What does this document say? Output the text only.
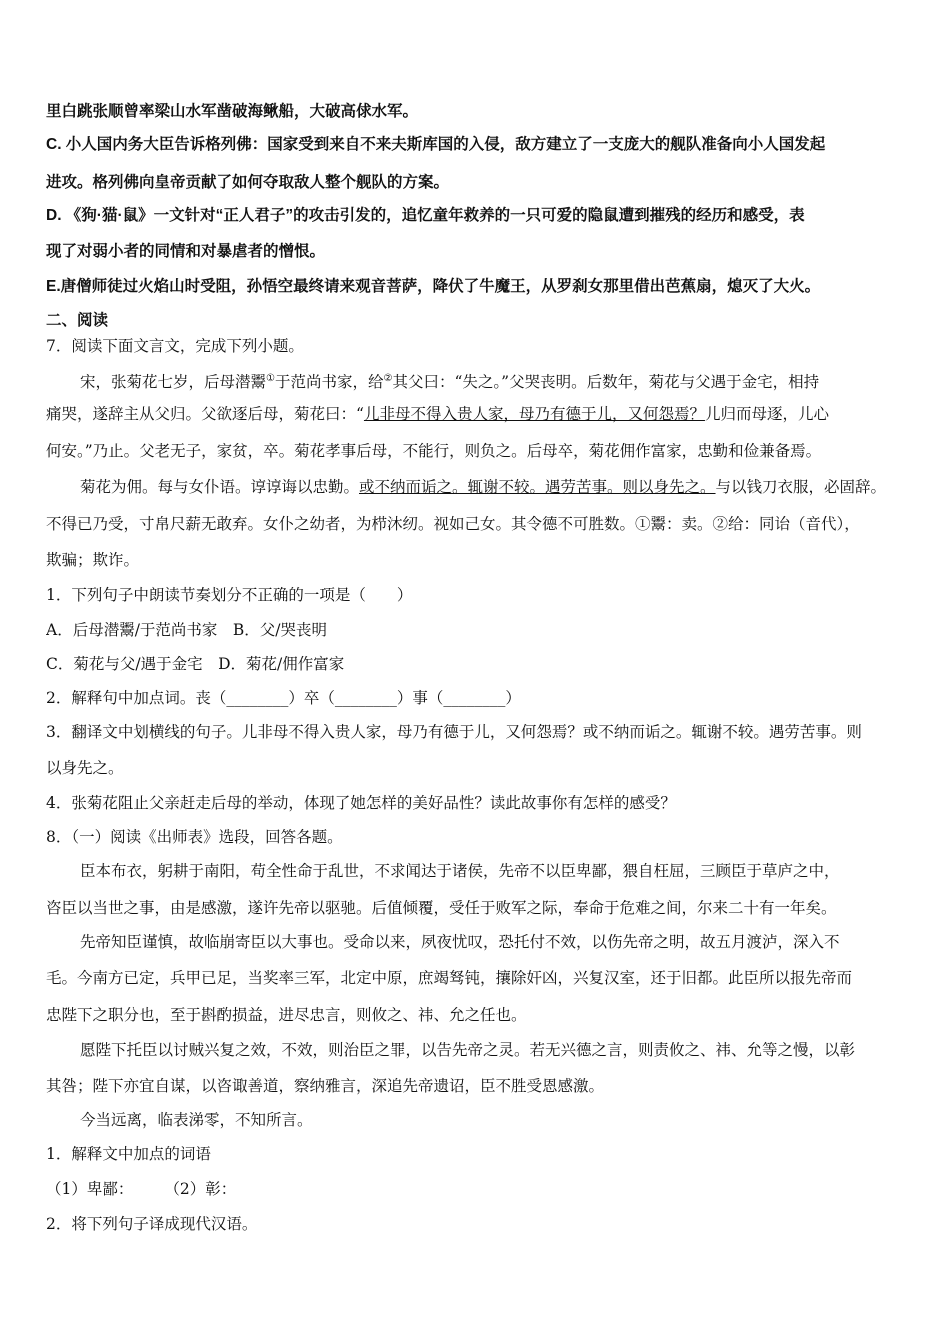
里白跳张顺曾率梁山水军凿破海鳅船，大破高俅水军。
C. 小人国内务大臣告诉格列佛：国家受到来自不来夫斯库国的入侵，敌方建立了一支庞大的舰队准备向小人国发起
进攻。格列佛向皇帝贡献了如何夺取敌人整个舰队的方案。
D. 《狗·猫·鼠》一文针对“正人君子”的攻击引发的，追忆童年救养的一只可爱的隐鼠遭到摧残的经历和感受，表
现了对弱小者的同情和对暴虐者的憎恨。
E.唐僧师徒过火焰山时受阻，孙悟空最终请来观音菩萨，降伏了牛魔王，从罗刹女那里借出芭蕉扇，熄灭了大火。
二、阅读
7．阅读下面文言文，完成下列小题。
宋，张菊花七岁，后母潜鬻①于范尚书家，给②其父曰：“失之。”父哭丧明。后数年，菊花与父遇于金宅，相持
痛哭，遂辞主从父归。父欲逐后母，菊花曰：“儿非母不得入贵人家，母乃有德于儿，又何怨焉？儿归而母逐，儿心
何安。”乃止。父老无子，家贫，卒。菊花孝事后母，不能行，则负之。后母卒，菊花佣作富家，忠勤和俭兼备焉。
菊花为佣。每与女仆语。谆谆诲以忠勤。或不纳而诟之。辄谢不较。遇劳苦事。则以身先之。与以钱刀衣服，必固辞。
不得已乃受，寸帛尺薪无敢弃。女仆之幼者，为栉沐纫。视如己女。其令德不可胜数。①鬻：卖。②给：同诒（音代），
欺骗；欺诈。
1．下列句子中朗读节奏划分不正确的一项是（　　）
A．后母潜鬻/于范尚书家　B．父/哭丧明
C．菊花与父/遇于金宅　D．菊花/佣作富家
2．解释句中加点词。丧（________）卒（________）事（________）
3．翻译文中划横线的句子。儿非母不得入贵人家，母乃有德于儿，又何怨焉？或不纳而诟之。辄谢不较。遇劳苦事。则
以身先之。
4．张菊花阻止父亲赶走后母的举动，体现了她怎样的美好品性？读此故事你有怎样的感受？
8．（一）阅读《出师表》选段，回答各题。
臣本布衣，躬耕于南阳，苟全性命于乱世，不求闻达于诸侯，先帝不以臣卑鄙，猥自枉屈，三顾臣于草庐之中，
咨臣以当世之事，由是感激，遂许先帝以驱驰。后值倾覆，受任于败军之际，奉命于危难之间，尔来二十有一年矣。
先帝知臣谨慎，故临崩寄臣以大事也。受命以来，夙夜忧叹，恐托付不效，以伤先帝之明，故五月渡泸，深入不
毛。今南方已定，兵甲已足，当奖率三军，北定中原，庶竭驽钝，攘除奸凶，兴复汉室，还于旧都。此臣所以报先帝而
忠陛下之职分也，至于斟酌损益，进尽忠言，则攸之、祎、允之任也。
愿陛下托臣以讨贼兴复之效，不效，则治臣之罪，以告先帝之灵。若无兴德之言，则责攸之、祎、允等之慢，以彰
其咎；陛下亦宜自谋，以咨诹善道，察纳雅言，深追先帝遗诏，臣不胜受恩感激。
今当远离，临表涕零，不知所言。
1．解释文中加点的词语
（1）卑鄙：　　　（2）彰：
2．将下列句子译成现代汉语。
